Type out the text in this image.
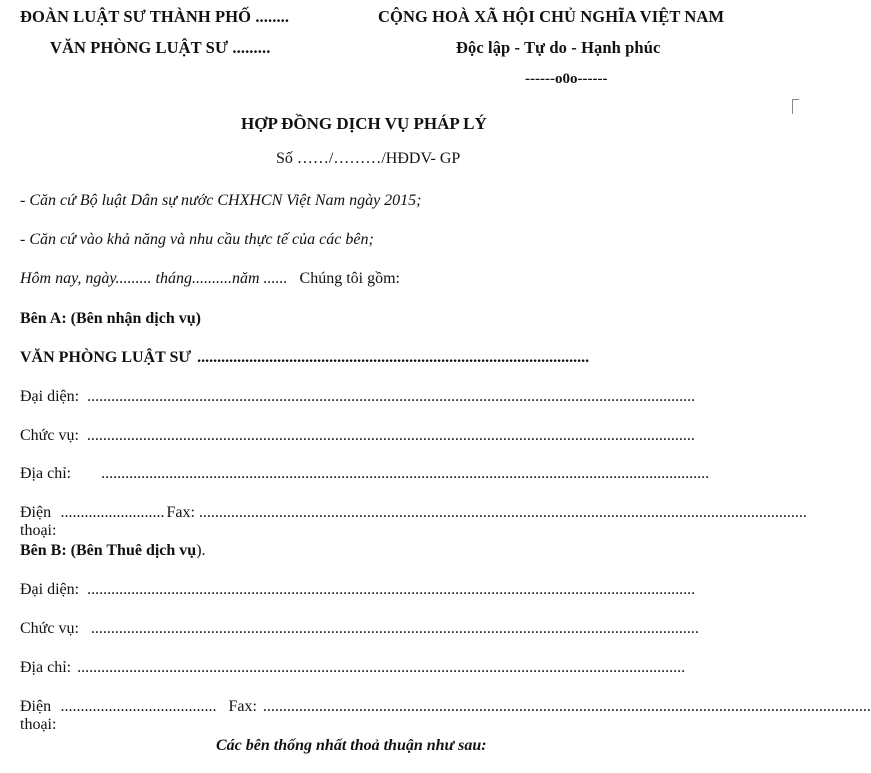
ĐOÀN LUẬT SƯ THÀNH PHỐ ........
VĂN PHÒNG LUẬT SƯ .........
CỘNG HOÀ XÃ HỘI CHỦ NGHĨA VIỆT NAM
Độc lập - Tự do - Hạnh phúc
------o0o------
HỢP ĐỒNG DỊCH VỤ PHÁP LÝ
Số ……/………/HĐDV- GP
- Căn cứ Bộ luật Dân sự nước CHXHCN Việt Nam ngày 2015;
- Căn cứ vào khả năng và nhu cầu thực tế của các bên;
Hôm nay, ngày......... tháng..........năm ...... Chúng tôi gồm:
Bên A: (Bên nhận dịch vụ)
VĂN PHÒNG LUẬT SƯ ..................................................................................................
Đại diện: ........................................................................................................................................................
Chức vụ: ........................................................................................................................................................
Địa chỉ: ........................................................................................................................................................
Điện thoại:
.......................... Fax: ........................................................................................................................................................
Bên B: (Bên Thuê dịch vụ).
Đại diện: ........................................................................................................................................................
Chức vụ: ........................................................................................................................................................
Địa chỉ: ........................................................................................................................................................
Điện thoại:
....................................... Fax: ........................................................................................................................................................
Các bên thống nhất thoả thuận như sau:
